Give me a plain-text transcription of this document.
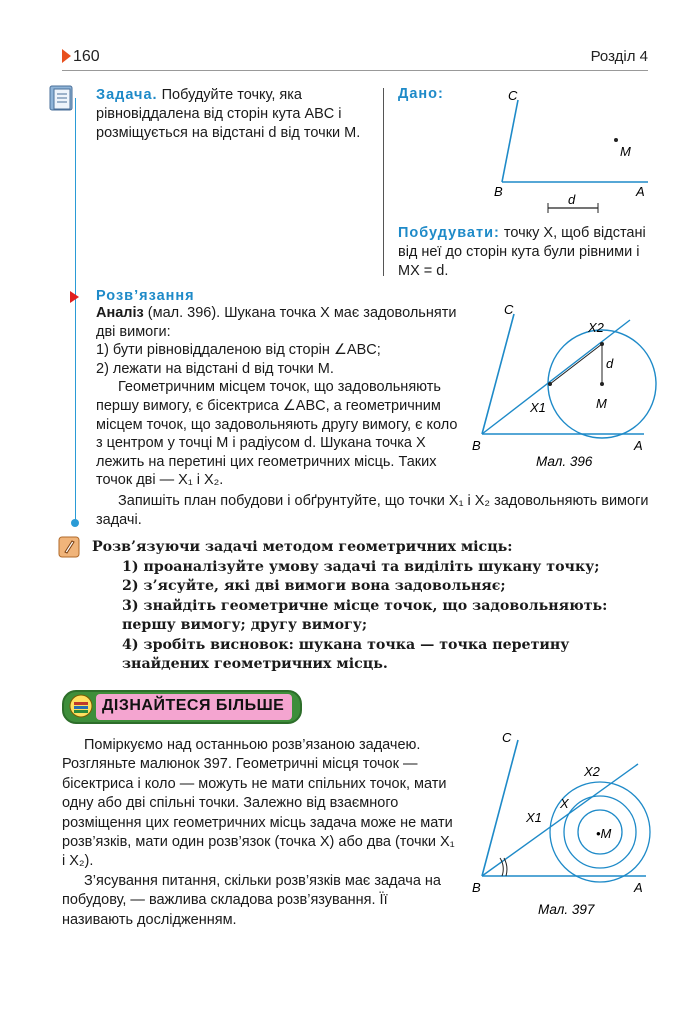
160	Розділ 4
Задача. Побудуйте точку, яка рівновіддалена від сторін кута ABC і розміщується на відстані d від точки M.
Дано:	C
M
B	A
d
Побудувати: точку X, щоб відстані від неї до сторін кута були рівними і MX = d.
Розв’язання

Аналіз (мал. 396). Шукана точка X має задовольняти дві вимоги:

1) бути рівновіддаленою від сторін ∠ABC;

2) лежати на відстані d від точки M.

Геометричним місцем точок, що задовольняють першу вимогу, є бісектриса ∠ABC, а геометричним місцем точок, що задовольняють другу вимогу, є коло з центром у точці M і радіусом d. Шукана точка X лежить на перетині цих геометричних місць. Таких точок дві — X₁ і X₂.

C
X2
d
X1	M
B	A
Мал. 396
Запишіть план побудови і обґрунтуйте, що точки X₁ і X₂ задовольняють вимоги задачі.

Розв’язуючи задачі методом геометричних місць:

1) проаналізуйте умову задачі та виділіть шукану точку;

2) з’ясуйте, які дві вимоги вона задовольняє;

3) знайдіть геометричне місце точок, що задовольняють: першу вимогу; другу вимогу;

4) зробіть висновок: шукана точка — точка перетину знайдених геометричних місць.

ДІЗНАЙТЕСЯ БІЛЬШЕ

Поміркуємо над останньою розв’язаною задачею. Розгляньте малюнок 397. Геометричні місця точок — бісектриса і коло — можуть не мати спільних точок, мати одну або дві спільні точки. Залежно від взаємного розміщення цих геометричних місць задача може не мати розв’язків, мати один розв’язок (точка X) або два (точки X₁ і X₂).

З’ясування питання, скільки розв’язків має задача на побудову, — важлива складова розв’язування. Її називають дослідженням.

C
X2
X
X1
•M
B	A
Мал. 397
